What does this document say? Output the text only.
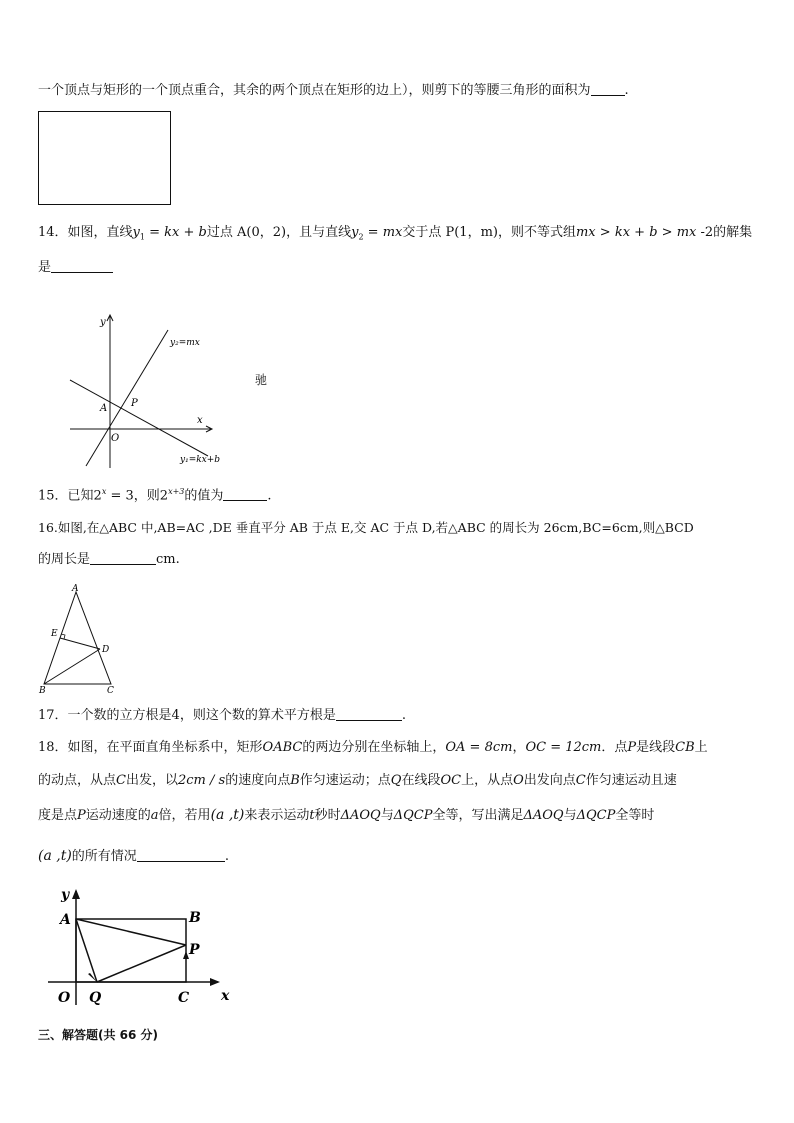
一个顶点与矩形的一个顶点重合，其余的两个顶点在矩形的边上），则剪下的等腰三角形的面积为	.
14．如图，直线$y_1$ = kx + b过点 A(0，2)，且与直线$y_2$ = mx交于点 P(1，m)，则不等式组mx > kx + b > mx -2的解集
是
y
x
O
A P
y₂=mx
y₁=kx+b
驰
15．已知$2^x = 3$，则$2^{x+3}$的值为	.
16.如图,在△ABC 中,AB=AC ,DE 垂直平分 AB 于点 E,交 AC 于点 D,若△ABC 的周长为 26cm,BC=6cm,则△BCD
的周长是	cm.
A
B	C
D
E
17．一个数的立方根是4，则这个数的算术平方根是	.
18．如图，在平面直角坐标系中，矩形OABC的两边分别在坐标轴上，OA = 8cm，OC = 12cm．点P是线段CB上
的动点，从点C出发，以2cm / s的速度向点B作匀速运动；点Q在线段OC上，从点O出发向点C作匀速运动且速
度是点P运动速度的a倍，若用(a ,t)来表示运动t秒时ΔAOQ与ΔQCP全等，写出满足ΔAOQ与ΔQCP全等时
(a ,t)的所有情况	.
y
x
A	B
C
P
O Q
三、解答题(共 66 分)
